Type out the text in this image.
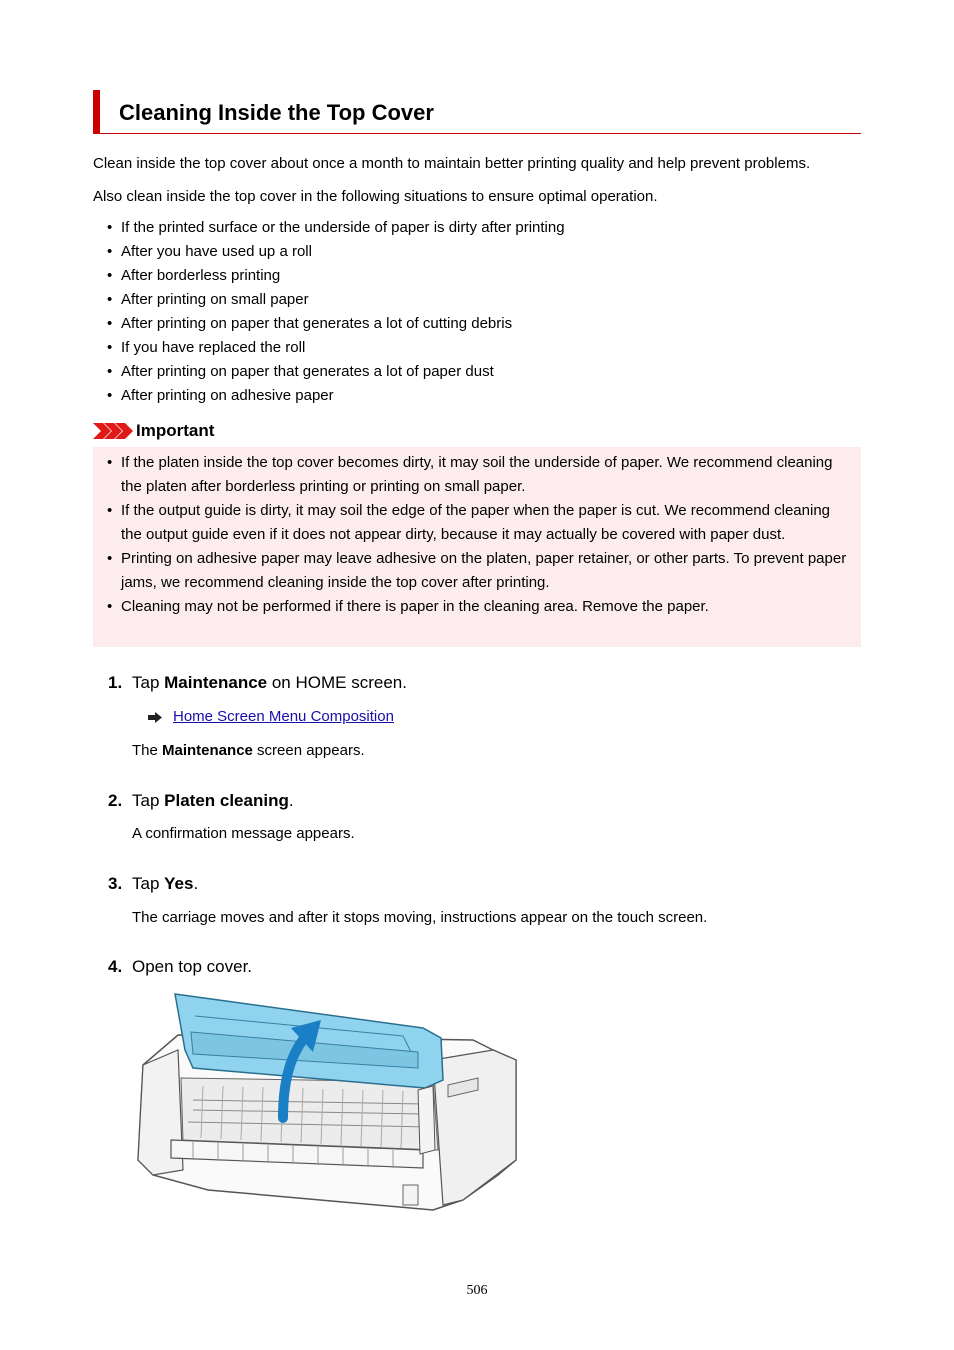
Cleaning Inside the Top Cover

Clean inside the top cover about once a month to maintain better printing quality and help prevent problems.

Also clean inside the top cover in the following situations to ensure optimal operation.

• If the printed surface or the underside of paper is dirty after printing
• After you have used up a roll
• After borderless printing
• After printing on small paper
• After printing on paper that generates a lot of cutting debris
• If you have replaced the roll
• After printing on paper that generates a lot of paper dust
• After printing on adhesive paper
Important
• If the platen inside the top cover becomes dirty, it may soil the underside of paper. We recommend cleaning the platen after borderless printing or printing on small paper.
• If the output guide is dirty, it may soil the edge of the paper when the paper is cut. We recommend cleaning the output guide even if it does not appear dirty, because it may actually be covered with paper dust.
• Printing on adhesive paper may leave adhesive on the platen, paper retainer, or other parts. To prevent paper jams, we recommend cleaning inside the top cover after printing.
• Cleaning may not be performed if there is paper in the cleaning area. Remove the paper.
1. Tap Maintenance on HOME screen.
Home Screen Menu Composition
The Maintenance screen appears.
2. Tap Platen cleaning.
A confirmation message appears.
3. Tap Yes.
The carriage moves and after it stops moving, instructions appear on the touch screen.
4. Open top cover.
506
